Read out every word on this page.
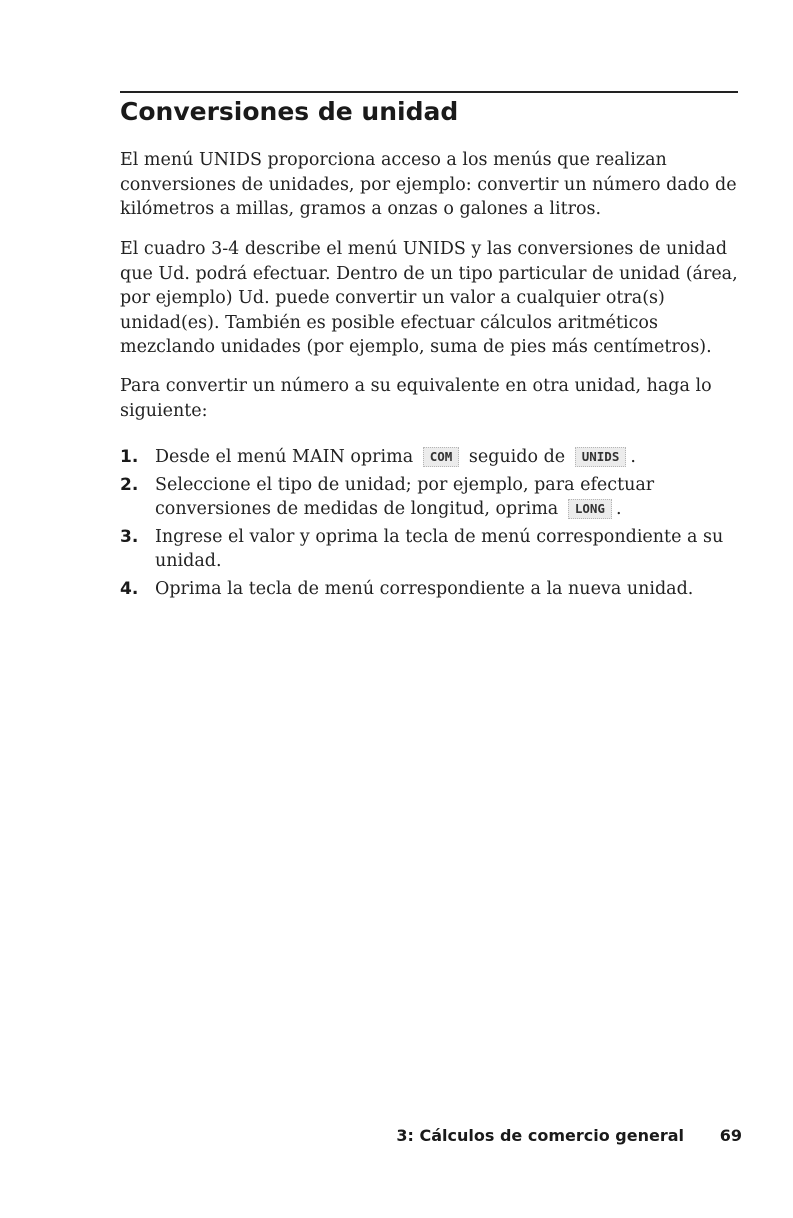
Conversiones de unidad

El menú UNIDS proporciona acceso a los menús que realizan conversiones de unidades, por ejemplo: convertir un número dado de kilómetros a millas, gramos a onzas o galones a litros.

El cuadro 3-4 describe el menú UNIDS y las conversiones de unidad que Ud. podrá efectuar. Dentro de un tipo particular de unidad (área, por ejemplo) Ud. puede convertir un valor a cualquier otra(s) unidad(es). También es posible efectuar cálculos aritméticos mezclando unidades (por ejemplo, suma de pies más centímetros).

Para convertir un número a su equivalente en otra unidad, haga lo siguiente:

1. Desde el menú MAIN oprima COM seguido de UNIDS .
2. Seleccione el tipo de unidad; por ejemplo, para efectuar conversiones de medidas de longitud, oprima LONG .
3. Ingrese el valor y oprima la tecla de menú correspondiente a su unidad.
4. Oprima la tecla de menú correspondiente a la nueva unidad.
3: Cálculos de comercio general 69
